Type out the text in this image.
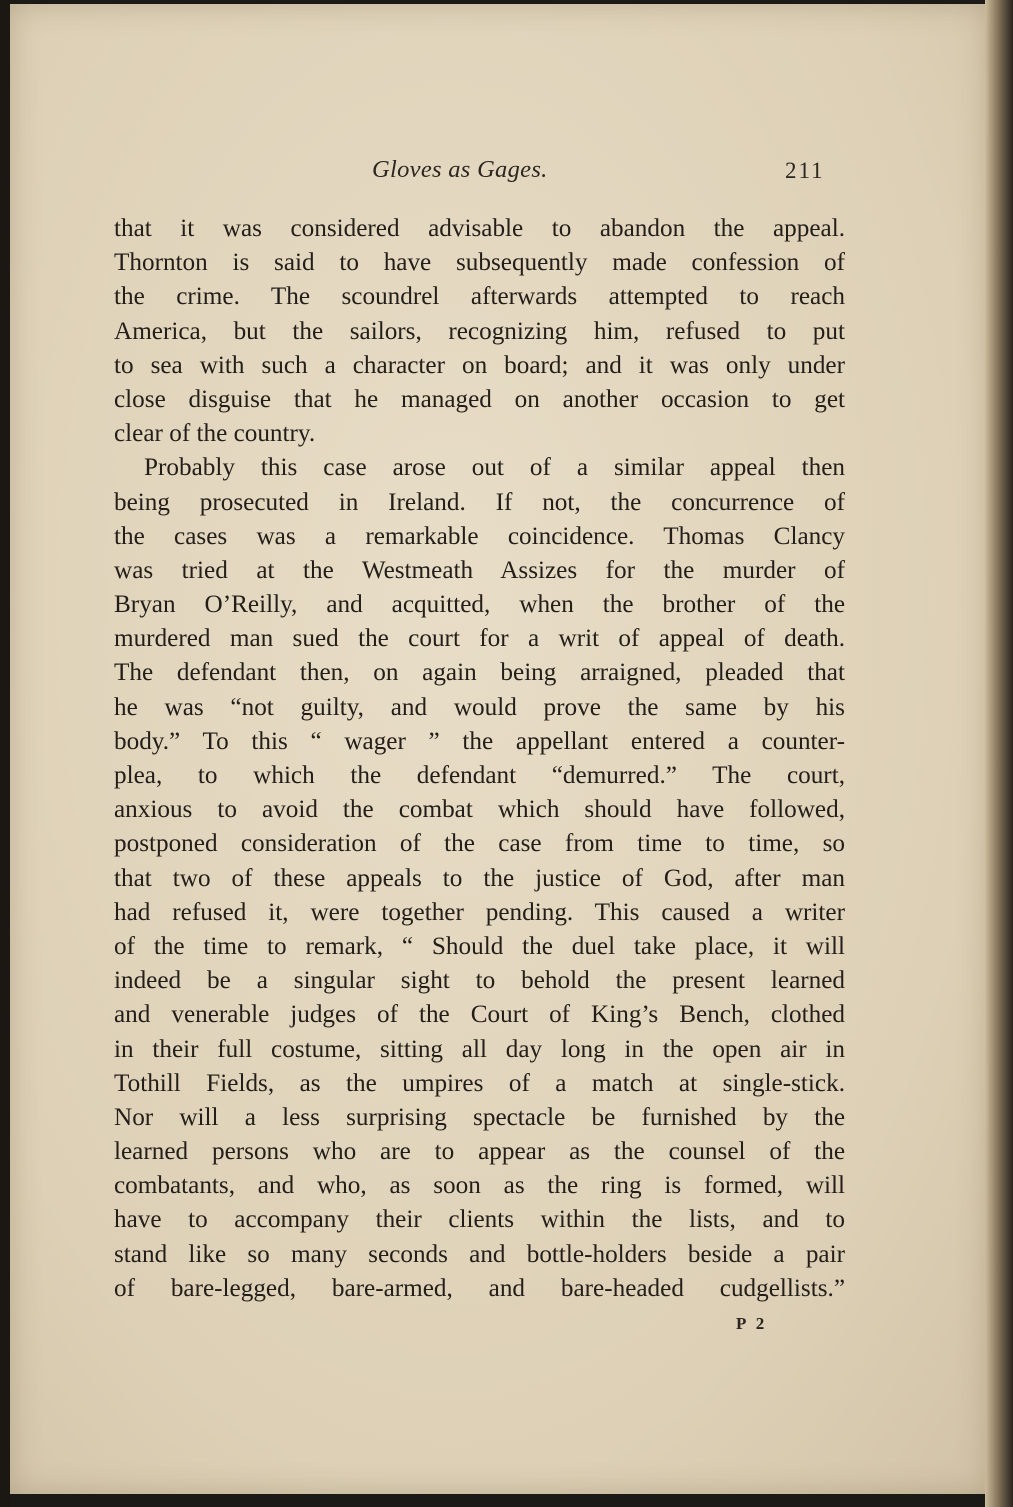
Gloves as Gages.	211
that it was considered advisable to abandon the appeal.
Thornton is said to have subsequently made confession of
the crime. The scoundrel afterwards attempted to reach
America, but the sailors, recognizing him, refused to put
to sea with such a character on board; and it was only under
close disguise that he managed on another occasion to get
clear of the country.
Probably this case arose out of a similar appeal then
being prosecuted in Ireland. If not, the concurrence of
the cases was a remarkable coincidence. Thomas Clancy
was tried at the Westmeath Assizes for the murder of
Bryan O’Reilly, and acquitted, when the brother of the
murdered man sued the court for a writ of appeal of death.
The defendant then, on again being arraigned, pleaded that
he was “not guilty, and would prove the same by his
body.” To this “ wager ” the appellant entered a counter-
plea, to which the defendant “demurred.” The court,
anxious to avoid the combat which should have followed,
postponed consideration of the case from time to time, so
that two of these appeals to the justice of God, after man
had refused it, were together pending. This caused a writer
of the time to remark, “ Should the duel take place, it will
indeed be a singular sight to behold the present learned
and venerable judges of the Court of King’s Bench, clothed
in their full costume, sitting all day long in the open air in
Tothill Fields, as the umpires of a match at single-stick.
Nor will a less surprising spectacle be furnished by the
learned persons who are to appear as the counsel of the
combatants, and who, as soon as the ring is formed, will
have to accompany their clients within the lists, and to
stand like so many seconds and bottle-holders beside a pair
of bare-legged, bare-armed, and bare-headed cudgellists.”
P 2
